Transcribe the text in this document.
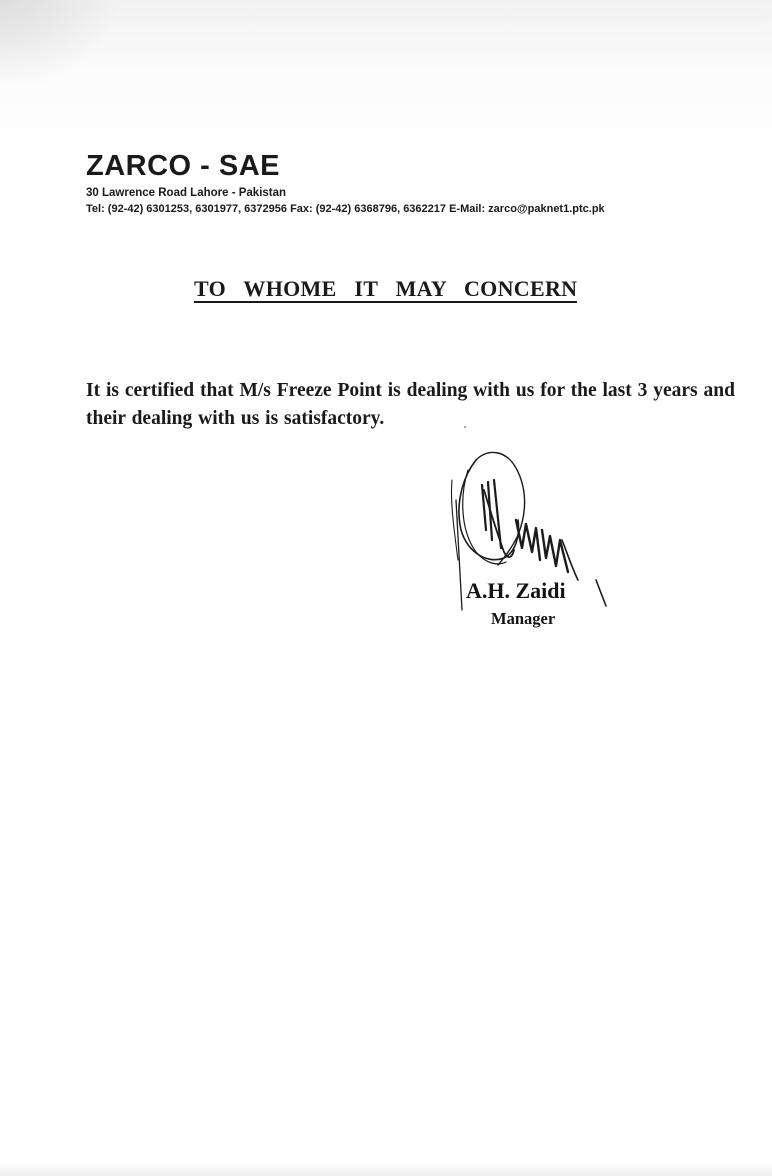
ZARCO - SAE
30 Lawrence Road Lahore - Pakistan
Tel: (92-42) 6301253, 6301977, 6372956 Fax: (92-42) 6368796, 6362217 E-Mail: zarco@paknet1.ptc.pk
TO WHOME IT MAY CONCERN
It is certified that M/s Freeze Point is dealing with us for the last 3 years and their dealing with us is satisfactory.
A.H. Zaidi
Manager
